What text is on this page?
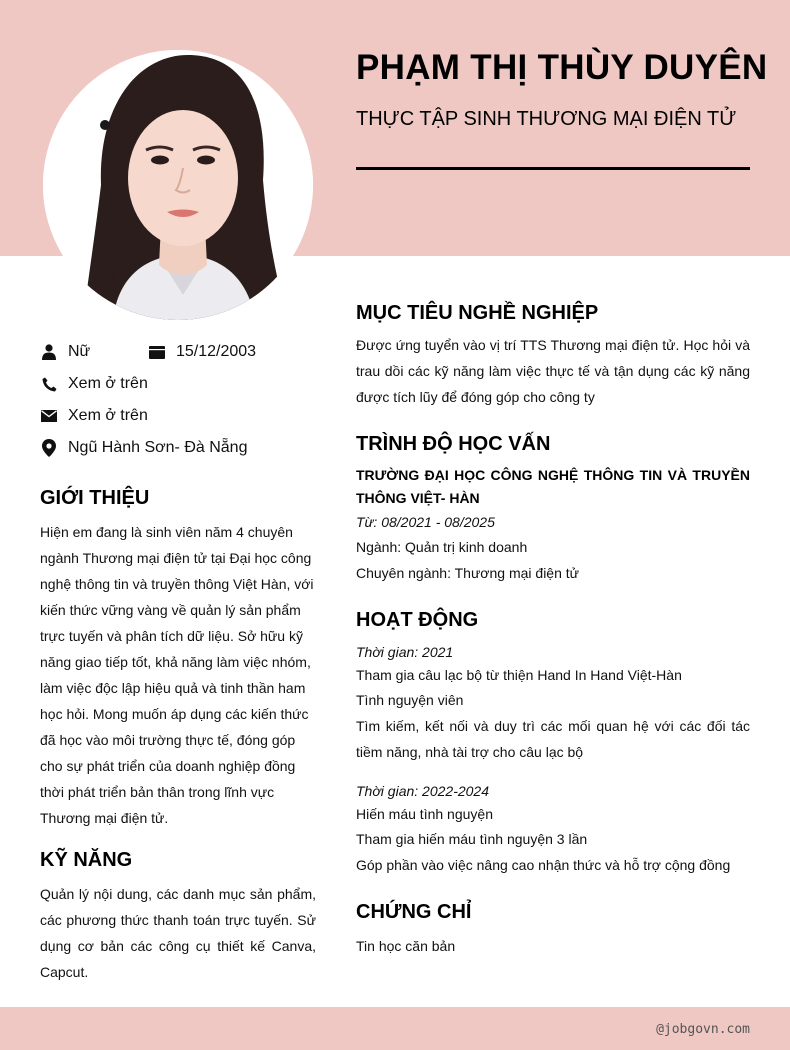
PHẠM THỊ THÙY DUYÊN
THỰC TẬP SINH THƯƠNG MẠI ĐIỆN TỬ
Nữ	15/12/2003
Xem ở trên
Xem ở trên
Ngũ Hành Sơn- Đà Nẵng
GIỚI THIỆU
Hiện em đang là sinh viên năm 4 chuyên
ngành Thương mại điện tử tại Đại học công
nghệ thông tin và truyền thông Việt Hàn, với
kiến thức vững vàng về quản lý sản phẩm
trực tuyến và phân tích dữ liệu. Sở hữu kỹ
năng giao tiếp tốt, khả năng làm việc nhóm,
làm việc độc lập hiệu quả và tinh thần ham
học hỏi. Mong muốn áp dụng các kiến thức
đã học vào môi trường thực tế, đóng góp
cho sự phát triển của doanh nghiệp đồng
thời phát triển bản thân trong lĩnh vực
Thương mại điện tử.
KỸ NĂNG
Quản lý nội dung, các danh mục sản phẩm, các phương thức thanh toán trực tuyến. Sử dụng cơ bản các công cụ thiết kế Canva, Capcut.
MỤC TIÊU NGHỀ NGHIỆP
Được ứng tuyển vào vị trí TTS Thương mại điện tử. Học hỏi và trau dồi các kỹ năng làm việc thực tế và tận dụng các kỹ năng được tích lũy để đóng góp cho công ty
TRÌNH ĐỘ HỌC VẤN
TRƯỜNG ĐẠI HỌC CÔNG NGHỆ THÔNG TIN VÀ TRUYỀN THÔNG VIỆT- HÀN
Từ: 08/2021 - 08/2025
Ngành: Quản trị kinh doanh
Chuyên ngành: Thương mại điện tử
HOẠT ĐỘNG
Thời gian: 2021
Tham gia câu lạc bộ từ thiện Hand In Hand Việt-Hàn
Tình nguyện viên
Tìm kiếm, kết nối và duy trì các mối quan hệ với các đối tác tiềm năng, nhà tài trợ cho câu lạc bộ
Thời gian: 2022-2024
Hiến máu tình nguyện
Tham gia hiến máu tình nguyện 3 lần
Góp phần vào việc nâng cao nhận thức và hỗ trợ cộng đồng
CHỨNG CHỈ
Tin học căn bản
@jobgovn.com
